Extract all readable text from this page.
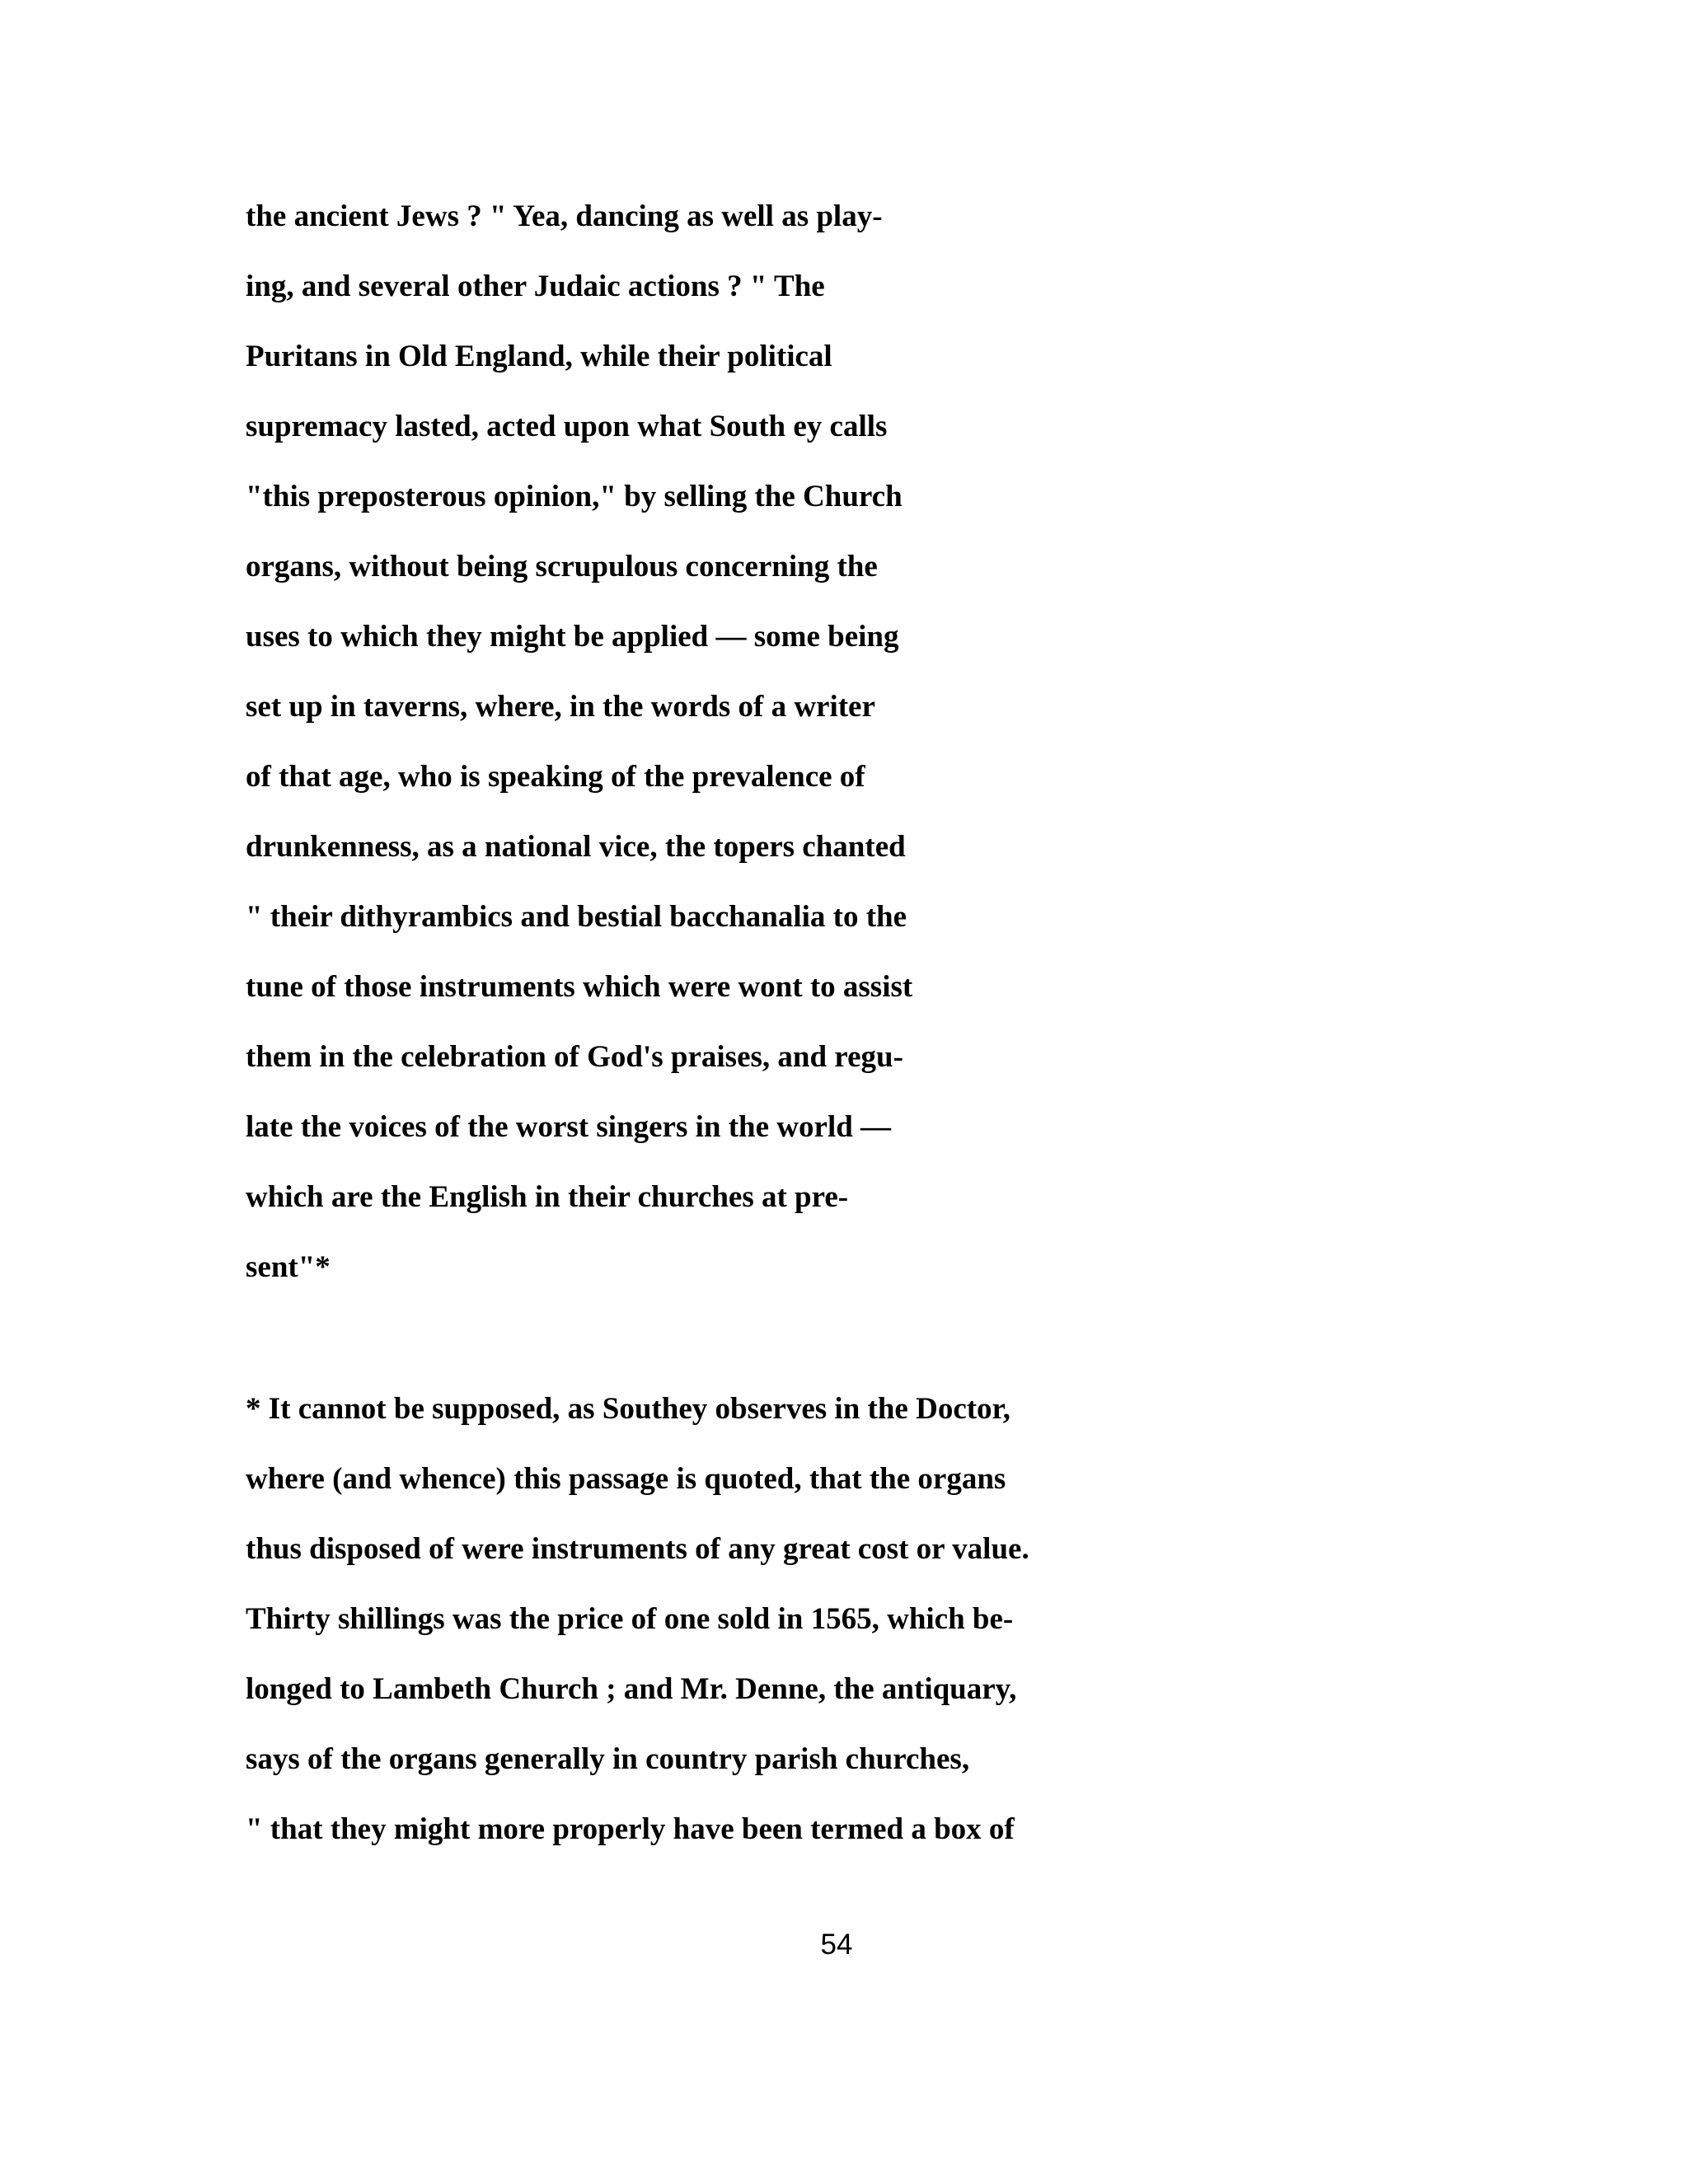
the ancient Jews ? " Yea, dancing as well as play-
ing, and several other Judaic actions ? " The
Puritans in Old England, while their political
supremacy lasted, acted upon what South ey calls
"this preposterous opinion," by selling the Church
organs, without being scrupulous concerning the
uses to which they might be applied — some being
set up in taverns, where, in the words of a writer
of that age, who is speaking of the prevalence of
drunkenness, as a national vice, the topers chanted
" their dithyrambics and bestial bacchanalia to the
tune of those instruments which were wont to assist
them in the celebration of God's praises, and regu-
late the voices of the worst singers in the world —
which are the English in their churches at pre-
sent"*
* It cannot be supposed, as Southey observes in the Doctor,
where (and whence) this passage is quoted, that the organs
thus disposed of were instruments of any great cost or value.
Thirty shillings was the price of one sold in 1565, which be-
longed to Lambeth Church ; and Mr. Denne, the antiquary,
says of the organs generally in country parish churches,
" that they might more properly have been termed a box of
54
